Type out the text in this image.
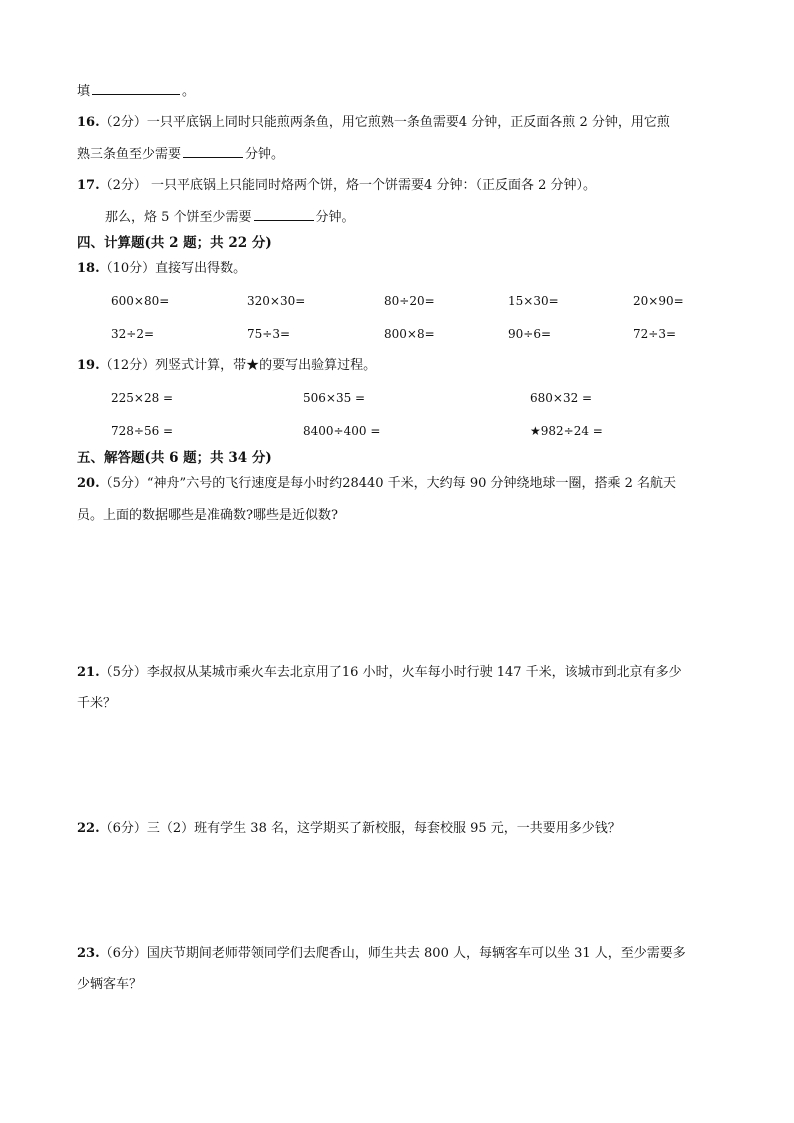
填	。
16.（2分）一只平底锅上同时只能煎两条鱼，用它煎熟一条鱼需要4 分钟，正反面各煎 2 分钟，用它煎
熟三条鱼至少需要	分钟。
17.（2分） 一只平底锅上只能同时烙两个饼，烙一个饼需要4 分钟：（正反面各 2 分钟）。
那么，烙 5 个饼至少需要	分钟。
四、计算题(共 2 题；共 22 分)
18.（10分）直接写出得数。
600×80=	320×30=	80÷20=	15×30=	20×90=
32÷2=	75÷3=	800×8=	90÷6=	72÷3=
19.（12分）列竖式计算，带★的要写出验算过程。
225×28 =	506×35 =	680×32 =
728÷56 =	8400÷400 =	★982÷24 =
五、解答题(共 6 题；共 34 分)
20.（5分）“神舟”六号的飞行速度是每小时约28440 千米，大约每 90 分钟绕地球一圈，搭乘 2 名航天
员。上面的数据哪些是准确数?哪些是近似数?
21.（5分）李叔叔从某城市乘火车去北京用了16 小时，火车每小时行驶 147 千米，该城市到北京有多少
千米？
22.（6分）三（2）班有学生 38 名，这学期买了新校服，每套校服 95 元，一共要用多少钱？
23.（6分）国庆节期间老师带领同学们去爬香山，师生共去 800 人，每辆客车可以坐 31 人，至少需要多
少辆客车？
